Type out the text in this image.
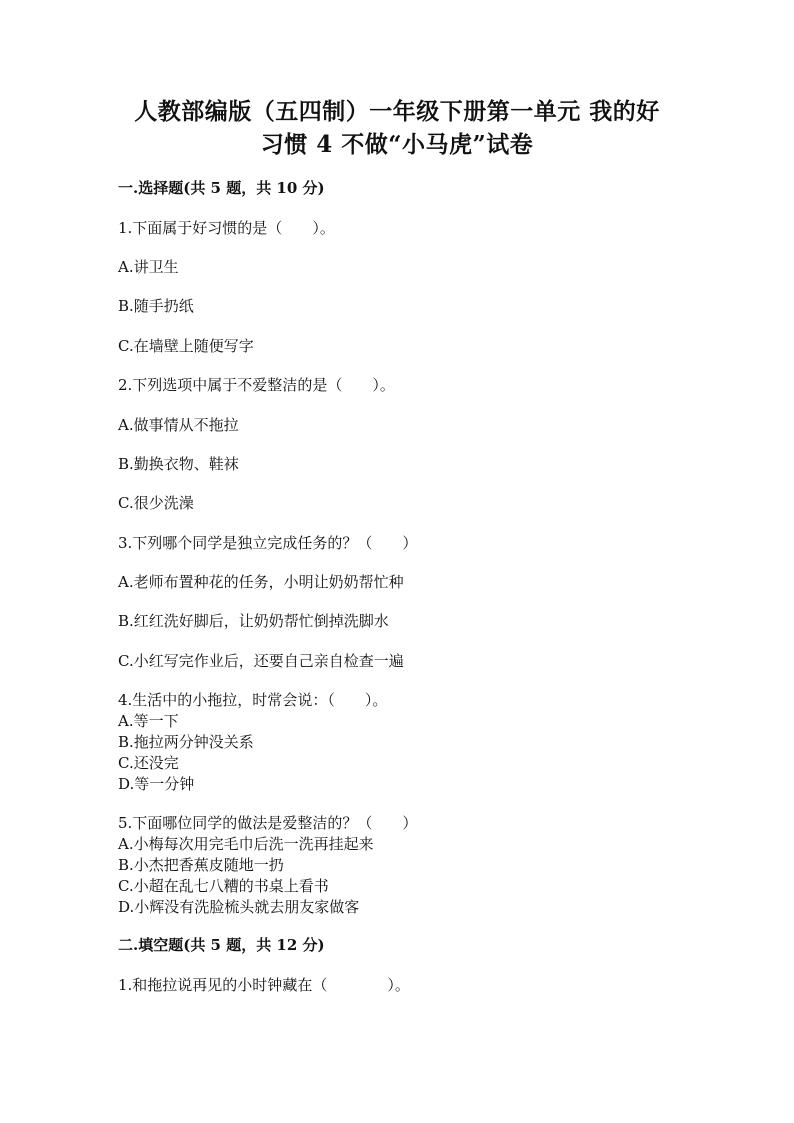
人教部编版（五四制）一年级下册第一单元 我的好
习惯 4 不做“小马虎”试卷
一.选择题(共 5 题，共 10 分)
1.下面属于好习惯的是（　　）。
A.讲卫生
B.随手扔纸
C.在墙壁上随便写字
2.下列选项中属于不爱整洁的是（　　）。
A.做事情从不拖拉
B.勤换衣物、鞋袜
C.很少洗澡
3.下列哪个同学是独立完成任务的？（　　）
A.老师布置种花的任务，小明让奶奶帮忙种
B.红红洗好脚后，让奶奶帮忙倒掉洗脚水
C.小红写完作业后，还要自己亲自检查一遍
4.生活中的小拖拉，时常会说：（　　）。
A.等一下
B.拖拉两分钟没关系
C.还没完
D.等一分钟
5.下面哪位同学的做法是爱整洁的？（　　）
A.小梅每次用完毛巾后洗一洗再挂起来
B.小杰把香蕉皮随地一扔
C.小超在乱七八糟的书桌上看书
D.小辉没有洗脸梳头就去朋友家做客
二.填空题(共 5 题，共 12 分)
1.和拖拉说再见的小时钟藏在（　　　　）。
